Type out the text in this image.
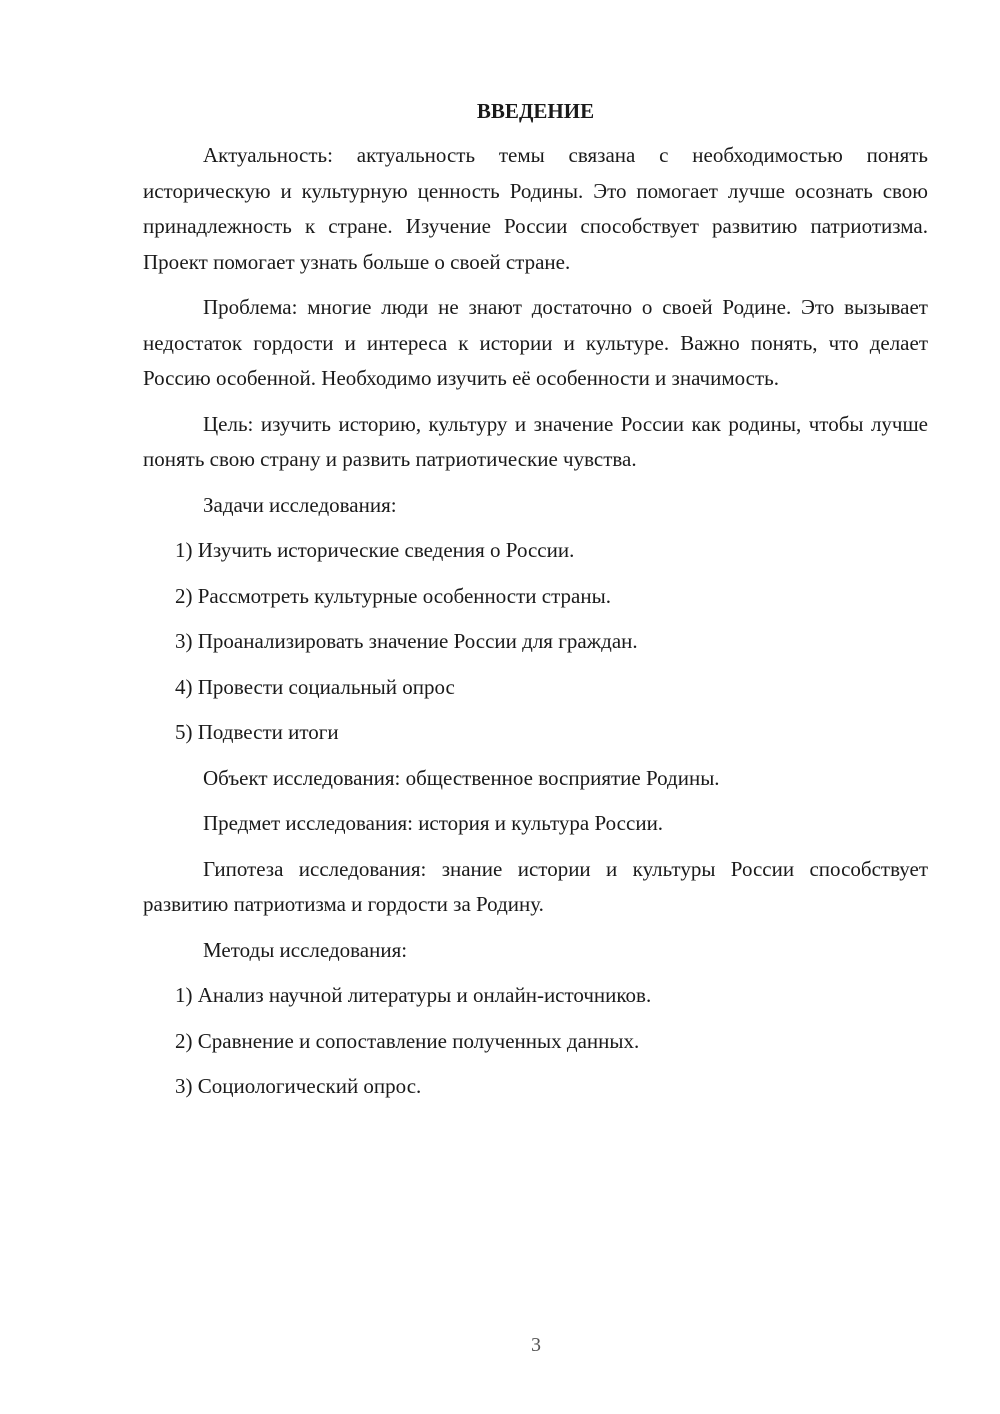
ВВЕДЕНИЕ

Актуальность: актуальность темы связана с необходимостью понять историческую и культурную ценность Родины. Это помогает лучше осознать свою принадлежность к стране. Изучение России способствует развитию патриотизма. Проект помогает узнать больше о своей стране.

Проблема: многие люди не знают достаточно о своей Родине. Это вызывает недостаток гордости и интереса к истории и культуре. Важно понять, что делает Россию особенной. Необходимо изучить её особенности и значимость.

Цель: изучить историю, культуру и значение России как родины, чтобы лучше понять свою страну и развить патриотические чувства.

Задачи исследования:

1) Изучить исторические сведения о России.

2) Рассмотреть культурные особенности страны.

3) Проанализировать значение России для граждан.

4) Провести социальный опрос

5) Подвести итоги

Объект исследования: общественное восприятие Родины.

Предмет исследования: история и культура России.

Гипотеза исследования: знание истории и культуры России способствует развитию патриотизма и гордости за Родину.

Методы исследования:

1) Анализ научной литературы и онлайн-источников.

2) Сравнение и сопоставление полученных данных.

3) Социологический опрос.

3
